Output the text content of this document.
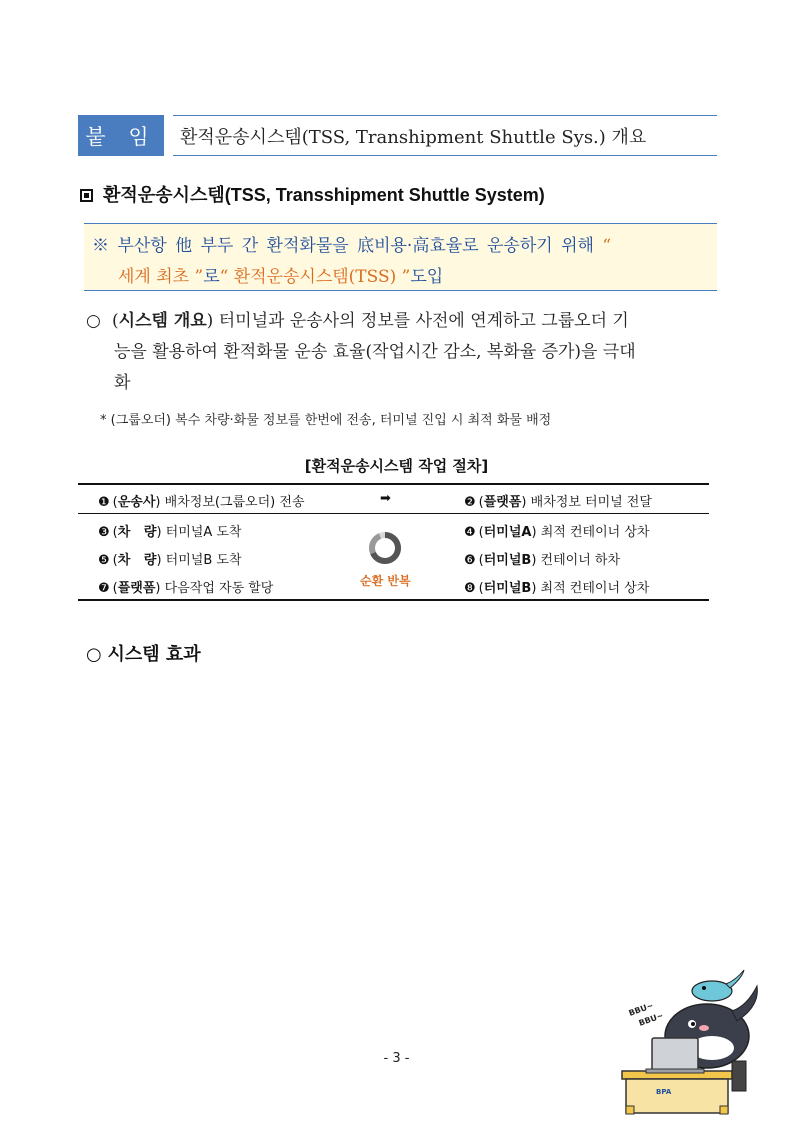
붙 임	환적운송시스템(TSS, Transhipment Shuttle Sys.) 개요
환적운송시스템(TSS, Transshipment Shuttle System)
※ 부산항 他 부두 간 환적화물을 底비용·高효율로 운송하기 위해 “
세계 최초 ”로“ 환적운송시스템(TSS) ”도입
○ (시스템 개요) 터미널과 운송사의 정보를 사전에 연계하고 그룹오더 기
능을 활용하여 환적화물 운송 효율(작업시간 감소, 복화율 증가)을 극대
화
* (그룹오더) 복수 차량·화물 정보를 한번에 전송, 터미널 진입 시 최적 화물 배정
[환적운송시스템 작업 절차]
❶ (운송사) 배차정보(그룹오더) 전송	➡	❷ (플랫폼) 배차정보 터미널 전달
❸ (차   량) 터미널A 도착	❹ (터미널A) 최적 컨테이너 상차
❺ (차   량) 터미널B 도착	❻ (터미널B) 컨테이너 하차
❼ (플랫폼) 다음작업 자동 할당	❽ (터미널B) 최적 컨테이너 상차
순환 반복
○ 시스템 효과
- 3 -
BPA
BBU~
BBU~
